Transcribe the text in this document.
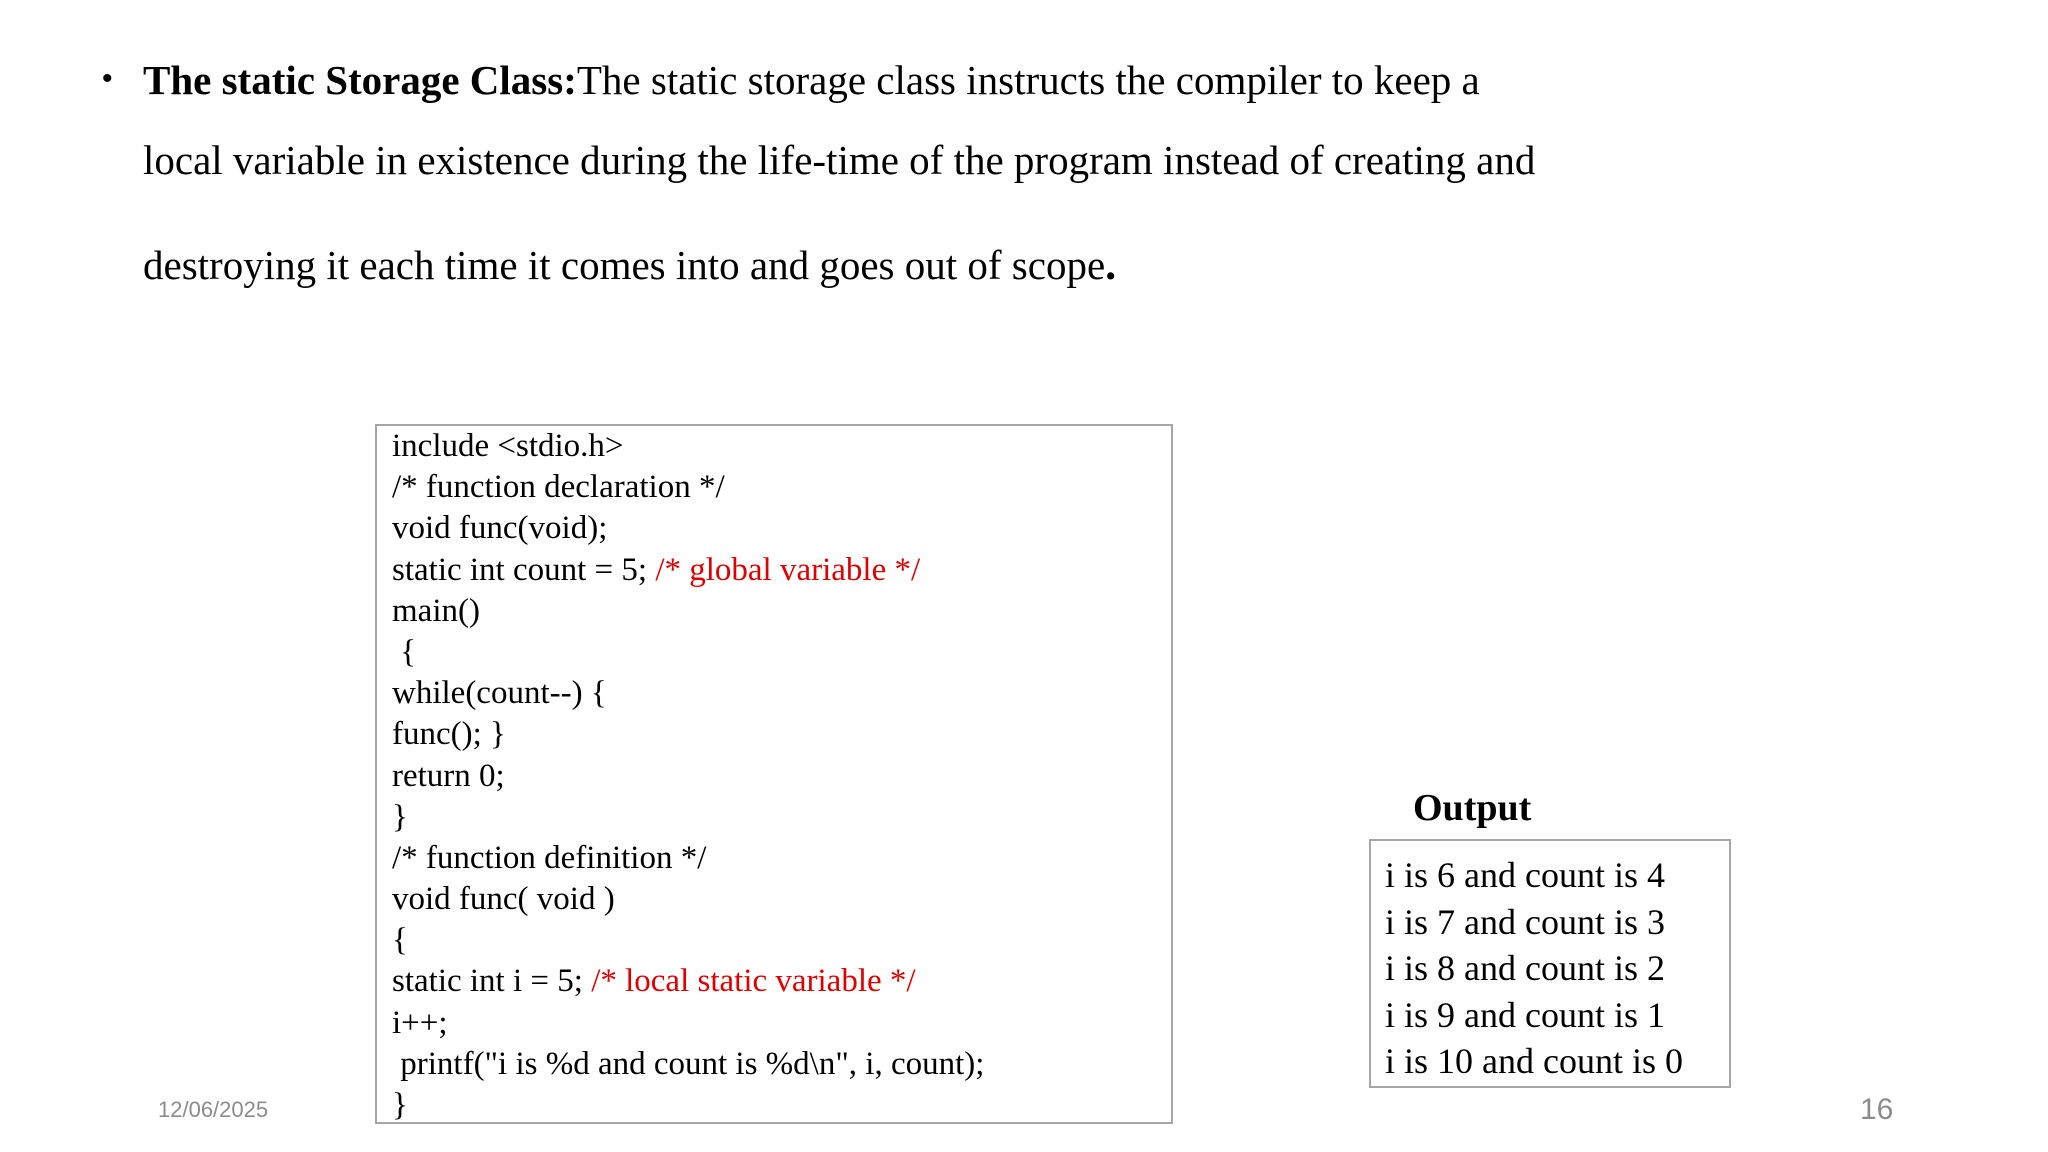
• The static Storage Class:The static storage class instructs the compiler to keep a
local variable in existence during the life-time of the program instead of creating and
destroying it each time it comes into and goes out of scope.
include <stdio.h>
/* function declaration */
void func(void);
static int count = 5; /* global variable */
main()
{
while(count--) {
func(); }
return 0;
}
/* function definition */
void func( void )
{
static int i = 5; /* local static variable */
i++;
printf("i is %d and count is %d\n", i, count);
}
Output
i is 6 and count is 4
i is 7 and count is 3
i is 8 and count is 2
i is 9 and count is 1
i is 10 and count is 0
12/06/2025	16
